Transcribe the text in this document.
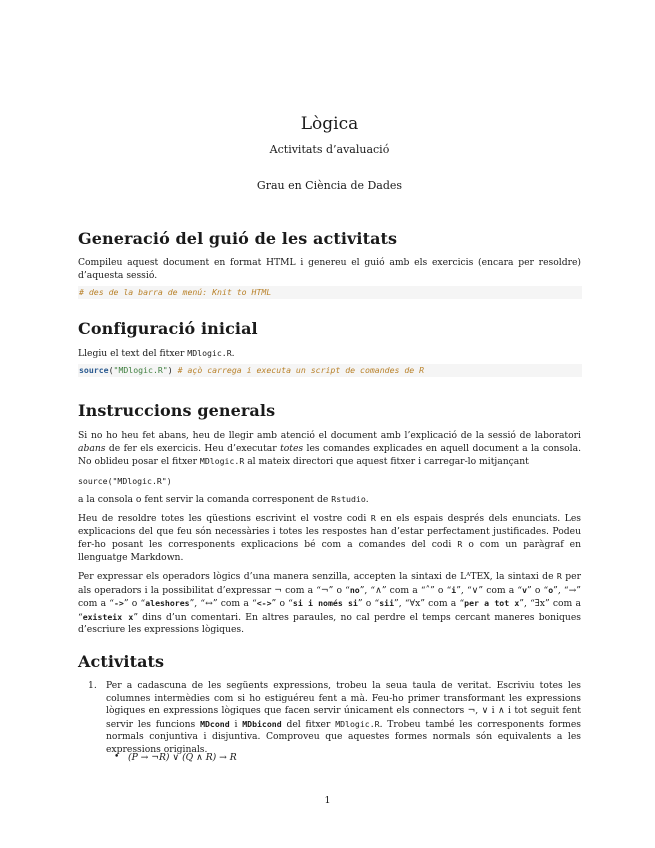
Lògica
Activitats d’avaluació
Grau en Ciència de Dades
Generació del guió de les activitats

Compileu aquest document en format HTML i genereu el guió amb els exercicis (encara per resoldre) d’aquesta sessió.

# des de la barra de menú: Knit to HTML
Configuració inicial

Llegiu el text del fitxer MDlogic.R.

source("MDlogic.R") # açò carrega i executa un script de comandes de R
Instruccions generals

Si no ho heu fet abans, heu de llegir amb atenció el document amb l’explicació de la sessió de laboratori abans de fer els exercicis. Heu d’executar totes les comandes explicades en aquell document a la consola. No oblideu posar el fitxer MDlogic.R al mateix directori que aquest fitxer i carregar-lo mitjançant

source("MDlogic.R")

a la consola o fent servir la comanda corresponent de Rstudio.

Heu de resoldre totes les qüestions escrivint el vostre codi R en els espais després dels enunciats. Les explicacions del que feu són necessàries i totes les respostes han d’estar perfectament justificades. Podeu fer-ho posant les corresponents explicacions bé com a comandes del codi R o com un paràgraf en llenguatge Markdown.

Per expressar els operadors lògics d’una manera senzilla, accepten la sintaxi de LᴬTEX, la sintaxi de R per als operadors i la possibilitat d’expressar ¬ com a “¬” o “no”, “∧” com a “˄” o “i”, “∨” com a “v” o “o”, “→” com a “->” o “aleshores”, “↔” com a “<->” o “si i només si” o “sii”, “∀x” com a “per a tot x”, “∃x” com a “existeix x” dins d’un comentari. En altres paraules, no cal perdre el temps cercant maneres boniques d’escriure les expressions lògiques.

Activitats
1. Per a cadascuna de les següents expressions, trobeu la seua taula de veritat. Escriviu totes les columnes intermèdies com si ho estiguéreu fent a mà. Feu-ho primer transformant les expressions lògiques en expressions lògiques que facen servir únicament els connectors ¬, ∨ i ∧ i tot seguit fent servir les funcions MDcond i MDbicond del fitxer MDlogic.R. Trobeu també les corresponents formes normals conjuntiva i disjuntiva. Comproveu que aquestes formes normals són equivalents a les expressions originals.
• (P → ¬R) ∨ (Q ∧ R) → R
1
